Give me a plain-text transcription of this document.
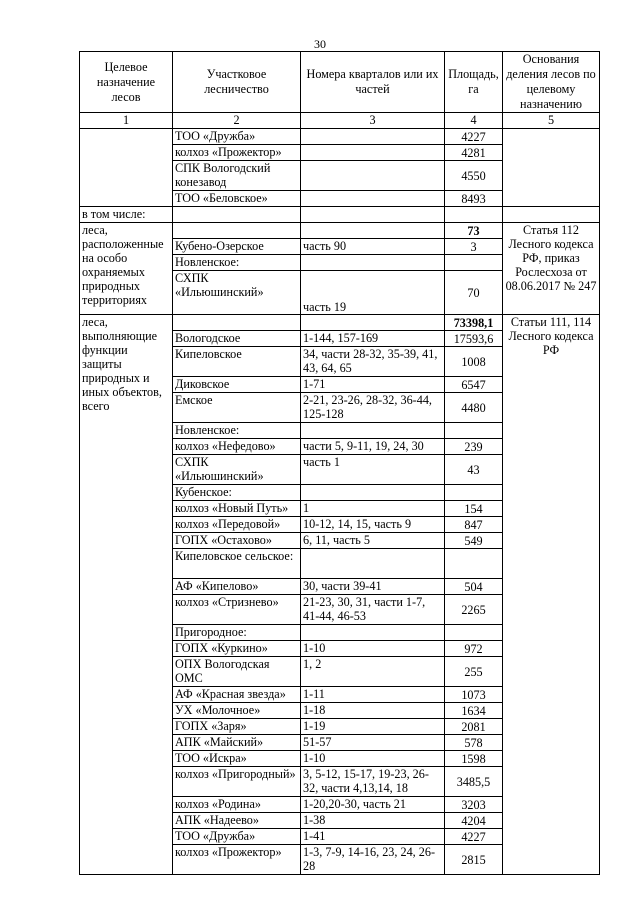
30
Целевое назначение лесов	Участковое лесничество	Номера кварталов или их частей	Площадь, га	Основания деления лесов по целевому назначению
1	2	3	4	5
	ТОО «Дружба»		4227	
	колхоз «Прожектор»		4281	
	СПК Вологодский конезавод		4550	
	ТОО «Беловское»		8493	
в том числе:				
леса, расположенные на особо охраняемых природных территориях			73	Статья 112 Лесного кодекса РФ, приказ Рослесхоза от 08.06.2017 № 247
	Кубено-Озерское	часть 90	3	
	Новленское:			
	СХПК «Ильюшинский»	часть 19	70	
леса, выполняющие функции защиты природных и иных объектов, всего			73398,1	Статьи 111, 114 Лесного кодекса РФ
	Вологодское	1-144, 157-169	17593,6	
	Кипеловское	34, части 28-32, 35-39, 41, 43, 64, 65	1008	
	Диковское	1-71	6547	
	Емское	2-21, 23-26, 28-32, 36-44, 125-128	4480	
	Новленское:			
	колхоз «Нефедово»	части 5, 9-11, 19, 24, 30	239	
	СХПК «Ильюшинский»	часть 1	43	
	Кубенское:			
	колхоз «Новый Путь»	1	154	
	колхоз «Передовой»	10-12, 14, 15, часть 9	847	
	ГОПХ «Остахово»	6, 11, часть 5	549	
	Кипеловское сельское:			
	АФ «Кипелово»	30, части 39-41	504	
	колхоз «Стризнево»	21-23, 30, 31, части 1-7, 41-44, 46-53	2265	
	Пригородное:			
	ГОПХ «Куркино»	1-10	972	
	ОПХ Вологодская ОМС	1, 2	255	
	АФ «Красная звезда»	1-11	1073	
	УХ «Молочное»	1-18	1634	
	ГОПХ «Заря»	1-19	2081	
	АПК «Майский»	51-57	578	
	ТОО «Искра»	1-10	1598	
	колхоз «Пригородный»	3, 5-12, 15-17, 19-23, 26-32, части 4,13,14, 18	3485,5	
	колхоз «Родина»	1-20,20-30, часть 21	3203	
	АПК «Надеево»	1-38	4204	
	ТОО «Дружба»	1-41	4227	
	колхоз «Прожектор»	1-3, 7-9, 14-16, 23, 24, 26-28	2815	
